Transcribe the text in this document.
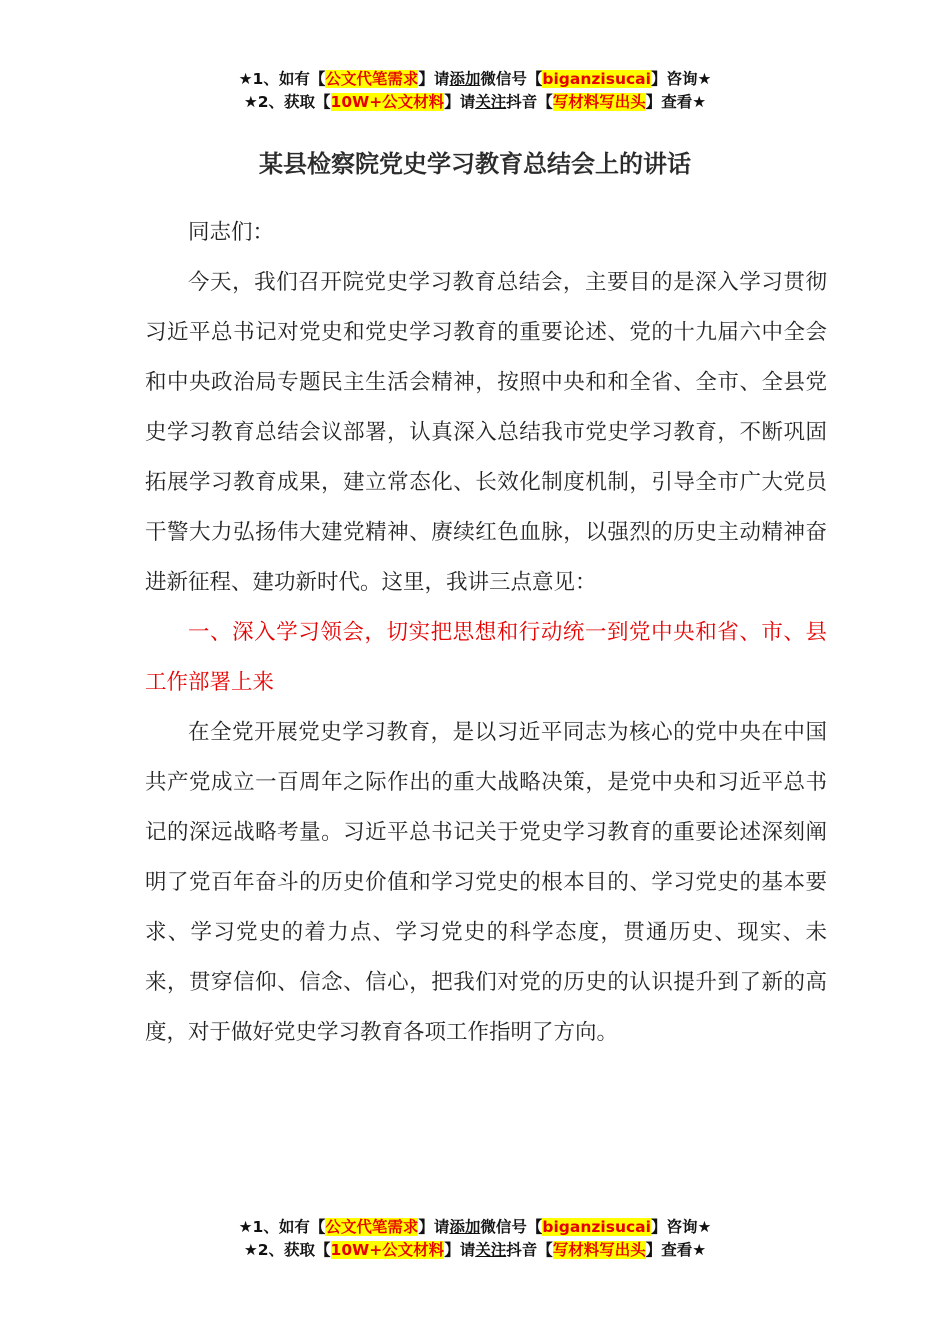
★1、如有【公文代笔需求】请添加微信号【biganzisucai】咨询★
★2、获取【10W+公文材料】请关注抖音【写材料写出头】查看★
某县检察院党史学习教育总结会上的讲话

同志们：

今天，我们召开院党史学习教育总结会，主要目的是深入学习贯彻习近平总书记对党史和党史学习教育的重要论述、党的十九届六中全会和中央政治局专题民主生活会精神，按照中央和和全省、全市、全县党史学习教育总结会议部署，认真深入总结我市党史学习教育，不断巩固拓展学习教育成果，建立常态化、长效化制度机制，引导全市广大党员干警大力弘扬伟大建党精神、赓续红色血脉，以强烈的历史主动精神奋进新征程、建功新时代。这里，我讲三点意见：

一、深入学习领会，切实把思想和行动统一到党中央和省、市、县工作部署上来

在全党开展党史学习教育，是以习近平同志为核心的党中央在中国共产党成立一百周年之际作出的重大战略决策，是党中央和习近平总书记的深远战略考量。习近平总书记关于党史学习教育的重要论述深刻阐明了党百年奋斗的历史价值和学习党史的根本目的、学习党史的基本要求、学习党史的着力点、学习党史的科学态度，贯通历史、现实、未来，贯穿信仰、信念、信心，把我们对党的历史的认识提升到了新的高度，对于做好党史学习教育各项工作指明了方向。

★1、如有【公文代笔需求】请添加微信号【biganzisucai】咨询★
★2、获取【10W+公文材料】请关注抖音【写材料写出头】查看★
